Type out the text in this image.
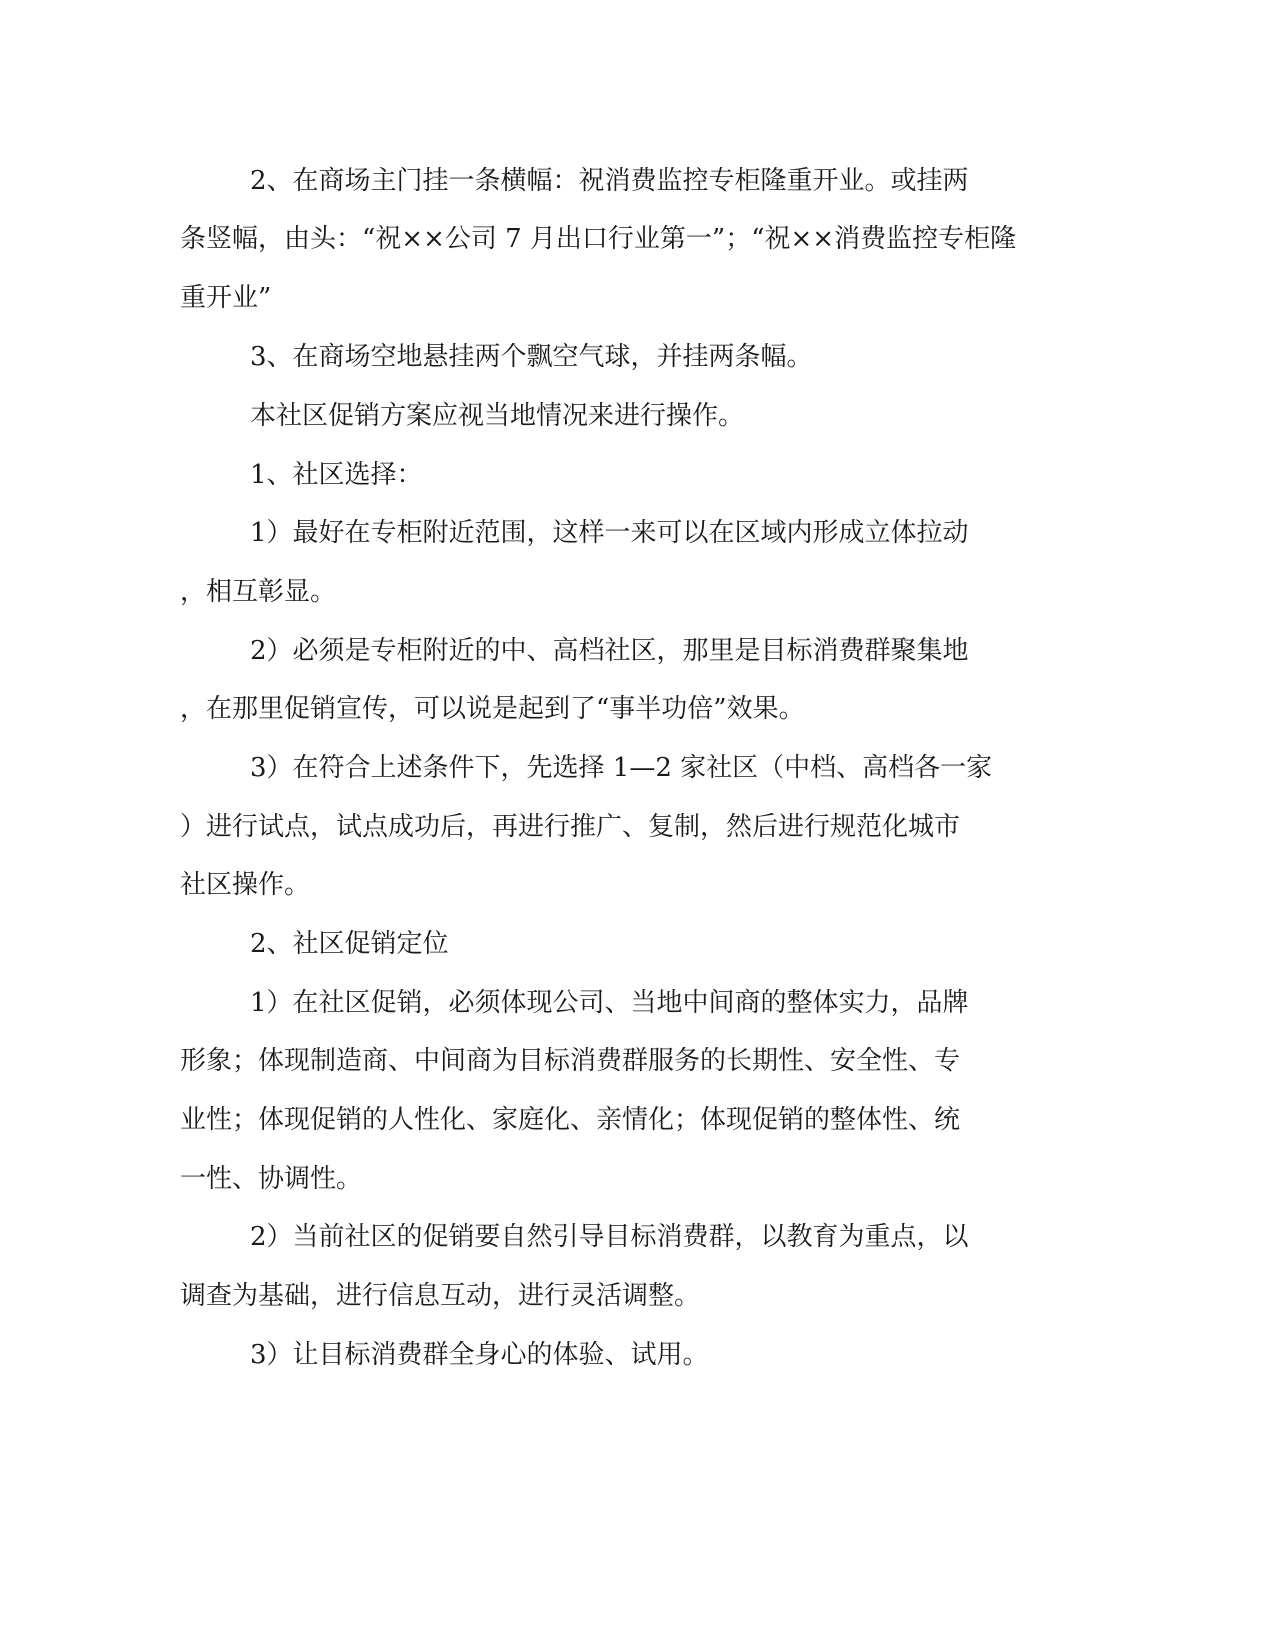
2、在商场主门挂一条横幅：祝消费监控专柜隆重开业。或挂两
条竖幅，由头：“祝××公司 7 月出口行业第一”；“祝××消费监控专柜隆
重开业”
3、在商场空地悬挂两个飘空气球，并挂两条幅。
本社区促销方案应视当地情况来进行操作。
1、社区选择：
1）最好在专柜附近范围，这样一来可以在区域内形成立体拉动
，相互彰显。
2）必须是专柜附近的中、高档社区，那里是目标消费群聚集地
，在那里促销宣传，可以说是起到了“事半功倍”效果。
3）在符合上述条件下，先选择 1—2 家社区（中档、高档各一家
）进行试点，试点成功后，再进行推广、复制，然后进行规范化城市
社区操作。
2、社区促销定位
1）在社区促销，必须体现公司、当地中间商的整体实力，品牌
形象；体现制造商、中间商为目标消费群服务的长期性、安全性、专
业性；体现促销的人性化、家庭化、亲情化；体现促销的整体性、统
一性、协调性。
2）当前社区的促销要自然引导目标消费群，以教育为重点，以
调查为基础，进行信息互动，进行灵活调整。
3）让目标消费群全身心的体验、试用。
